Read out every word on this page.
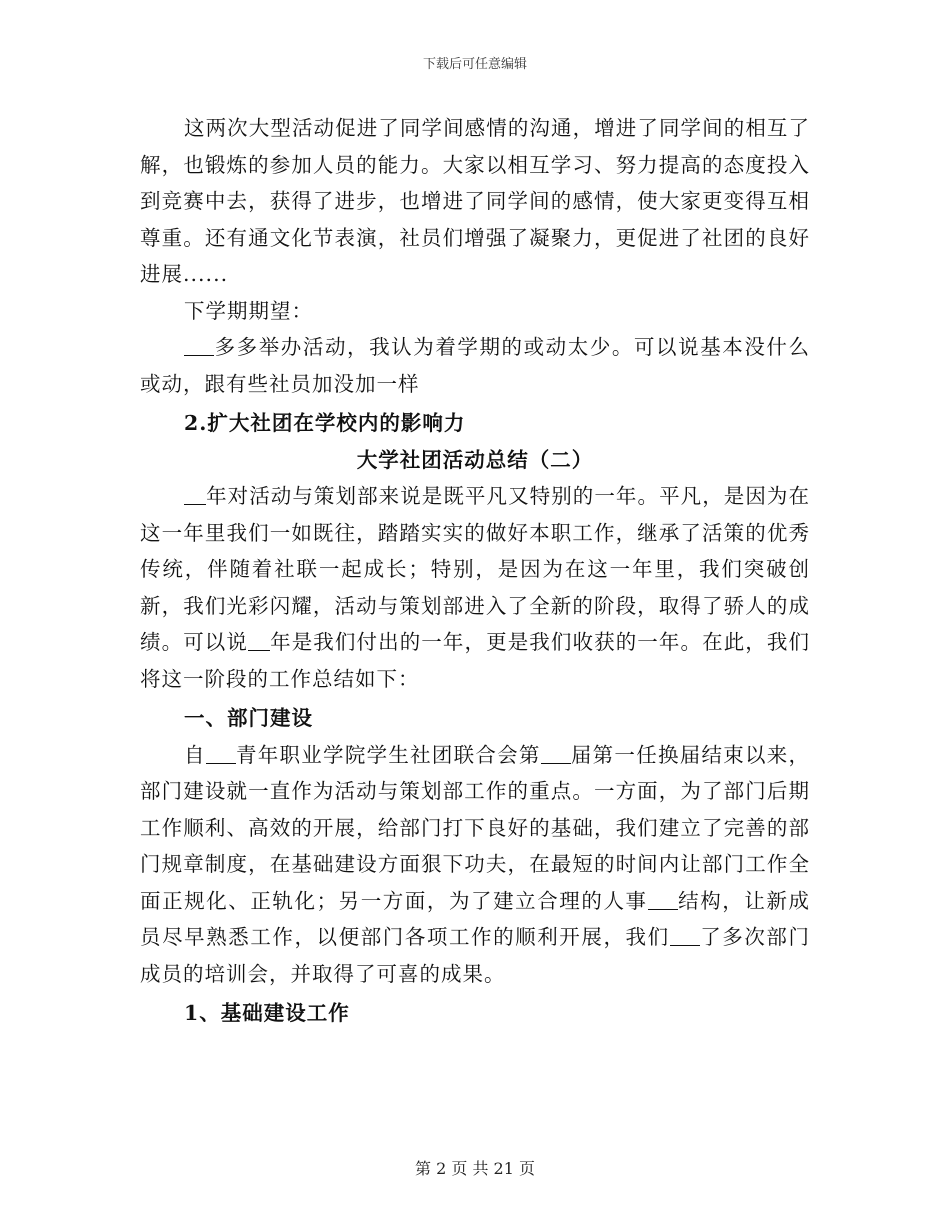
下载后可任意编辑

这两次大型活动促进了同学间感情的沟通，增进了同学间的相互了解，也锻炼的参加人员的能力。大家以相互学习、努力提高的态度投入到竞赛中去，获得了进步，也增进了同学间的感情，使大家更变得互相尊重。还有通文化节表演，社员们增强了凝聚力，更促进了社团的良好进展......

下学期期望：

多多举办活动，我认为着学期的或动太少。可以说基本没什么或动，跟有些社员加没加一样

2.扩大社团在学校内的影响力

大学社团活动总结（二）

年对活动与策划部来说是既平凡又特别的一年。平凡，是因为在这一年里我们一如既往，踏踏实实的做好本职工作，继承了活策的优秀传统，伴随着社联一起成长；特别，是因为在这一年里，我们突破创新，我们光彩闪耀，活动与策划部进入了全新的阶段，取得了骄人的成绩。可以说 年是我们付出的一年，更是我们收获的一年。在此，我们将这一阶段的工作总结如下：

一、部门建设

自 青年职业学院学生社团联合会第 届第一任换届结束以来，部门建设就一直作为活动与策划部工作的重点。一方面，为了部门后期工作顺利、高效的开展，给部门打下良好的基础，我们建立了完善的部门规章制度，在基础建设方面狠下功夫，在最短的时间内让部门工作全面正规化、正轨化；另一方面，为了建立合理的人事 结构，让新成员尽早熟悉工作，以便部门各项工作的顺利开展，我们 了多次部门成员的培训会，并取得了可喜的成果。

1、基础建设工作

第 2 页 共 21 页
